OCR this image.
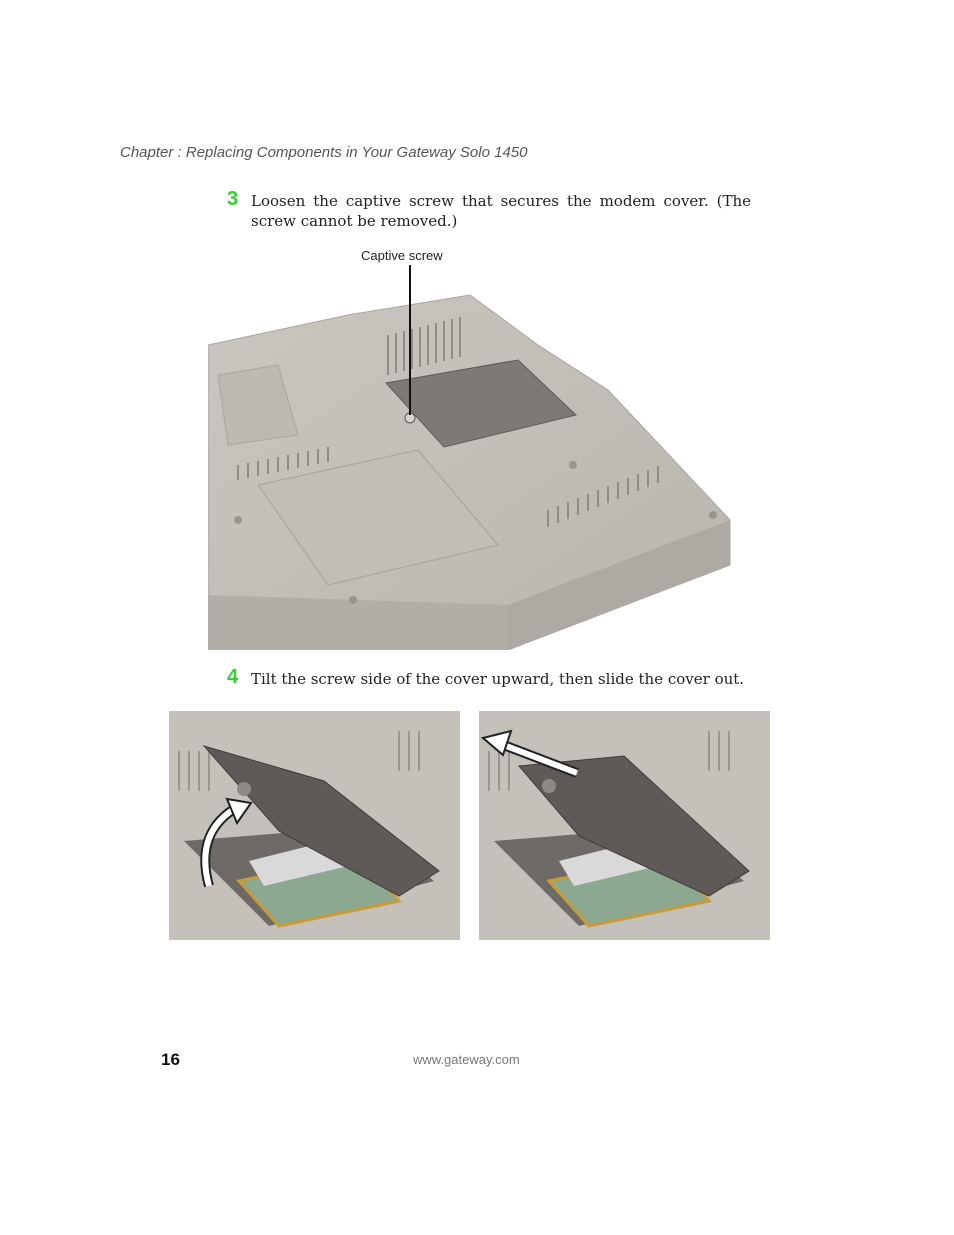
Chapter : Replacing Components in Your Gateway Solo 1450
3 Loosen the captive screw that secures the modem cover. (The screw cannot be removed.)
Captive screw
4 Tilt the screw side of the cover upward, then slide the cover out.
16	www.gateway.com
